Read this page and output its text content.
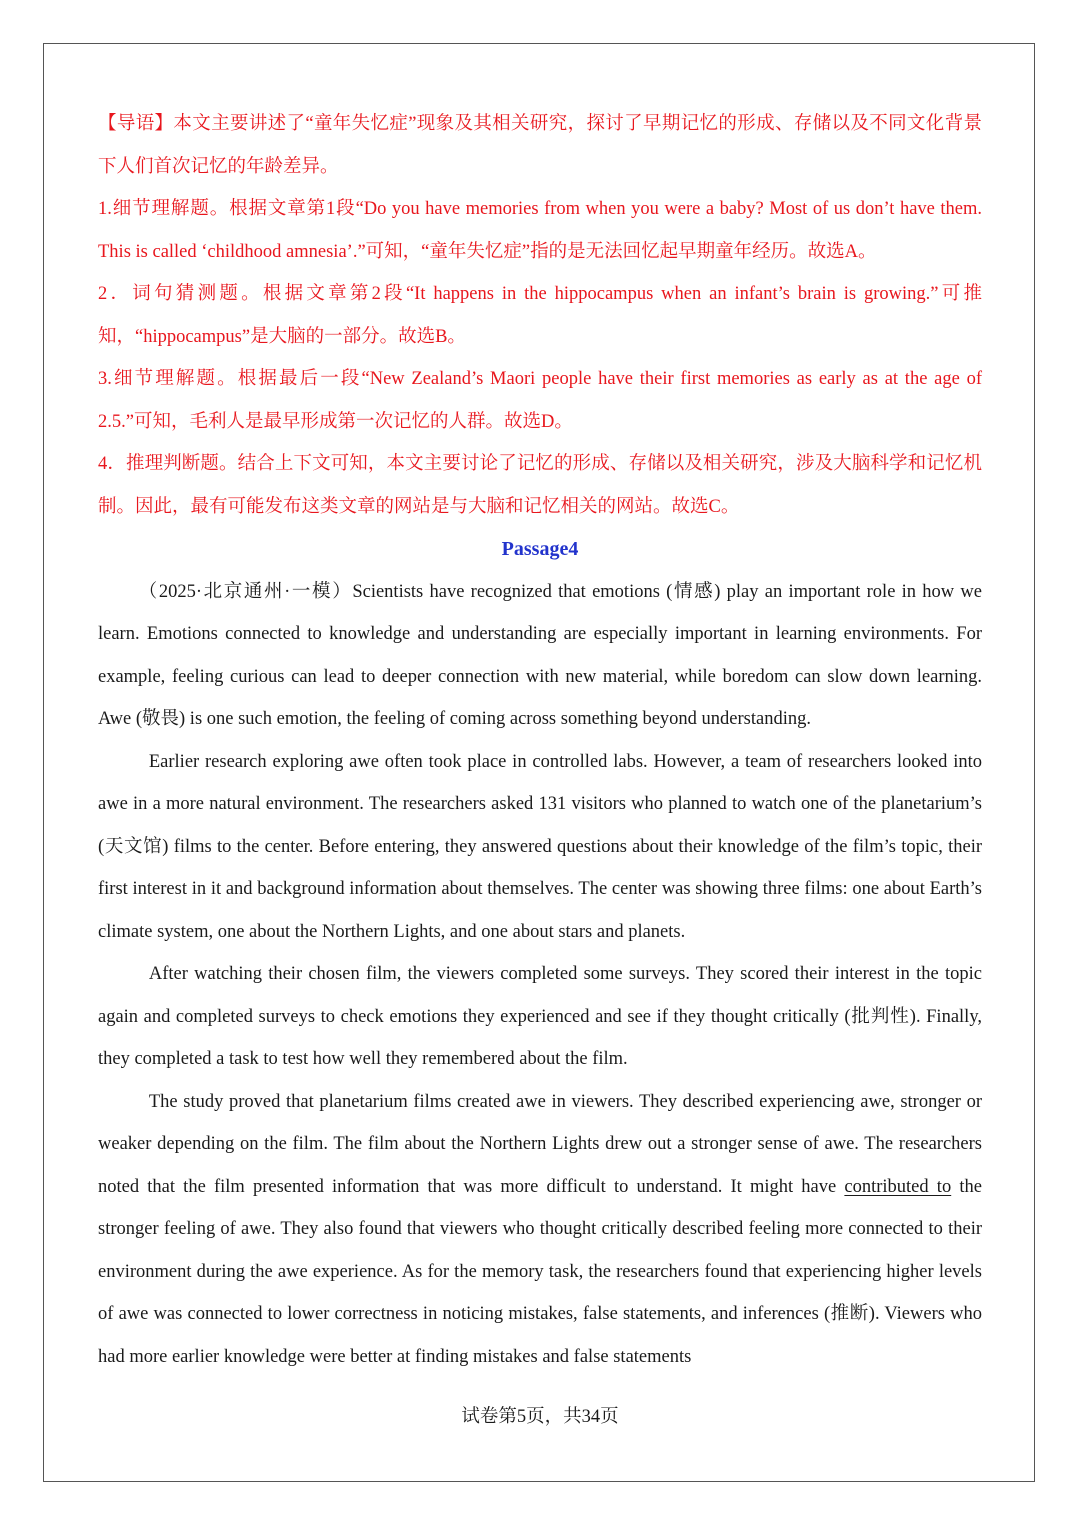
【导语】本文主要讲述了“童年失忆症”现象及其相关研究，探讨了早期记忆的形成、存储以及不同文化背景下人们首次记忆的年龄差异。

1.细节理解题。根据文章第1段“Do you have memories from when you were a baby? Most of us don’t have them. This is called ‘childhood amnesia’.”可知，“童年失忆症”指的是无法回忆起早期童年经历。故选A。

2．词句猜测题。根据文章第2段“It happens in the hippocampus when an infant’s brain is growing.”可推知，“hippocampus”是大脑的一部分。故选B。

3.细节理解题。根据最后一段“New Zealand’s Maori people have their first memories as early as at the age of 2.5.”可知，毛利人是最早形成第一次记忆的人群。故选D。

4．推理判断题。结合上下文可知，本文主要讨论了记忆的形成、存储以及相关研究，涉及大脑科学和记忆机制。因此，最有可能发布这类文章的网站是与大脑和记忆相关的网站。故选C。

Passage4

（2025·北京通州·一模）Scientists have recognized that emotions (情感) play an important role in how we learn. Emotions connected to knowledge and understanding are especially important in learning environments. For example, feeling curious can lead to deeper connection with new material, while boredom can slow down learning. Awe (敬畏) is one such emotion, the feeling of coming across something beyond understanding.

Earlier research exploring awe often took place in controlled labs. However, a team of researchers looked into awe in a more natural environment. The researchers asked 131 visitors who planned to watch one of the planetarium’s (天文馆) films to the center. Before entering, they answered questions about their knowledge of the film’s topic, their first interest in it and background information about themselves. The center was showing three films: one about Earth’s climate system, one about the Northern Lights, and one about stars and planets.

After watching their chosen film, the viewers completed some surveys. They scored their interest in the topic again and completed surveys to check emotions they experienced and see if they thought critically (批判性). Finally, they completed a task to test how well they remembered about the film.

The study proved that planetarium films created awe in viewers. They described experiencing awe, stronger or weaker depending on the film. The film about the Northern Lights drew out a stronger sense of awe. The researchers noted that the film presented information that was more difficult to understand. It might have contributed to the stronger feeling of awe. They also found that viewers who thought critically described feeling more connected to their environment during the awe experience. As for the memory task, the researchers found that experiencing higher levels of awe was connected to lower correctness in noticing mistakes, false statements, and inferences (推断). Viewers who had more earlier knowledge were better at finding mistakes and false statements

试卷第5页，共34页
